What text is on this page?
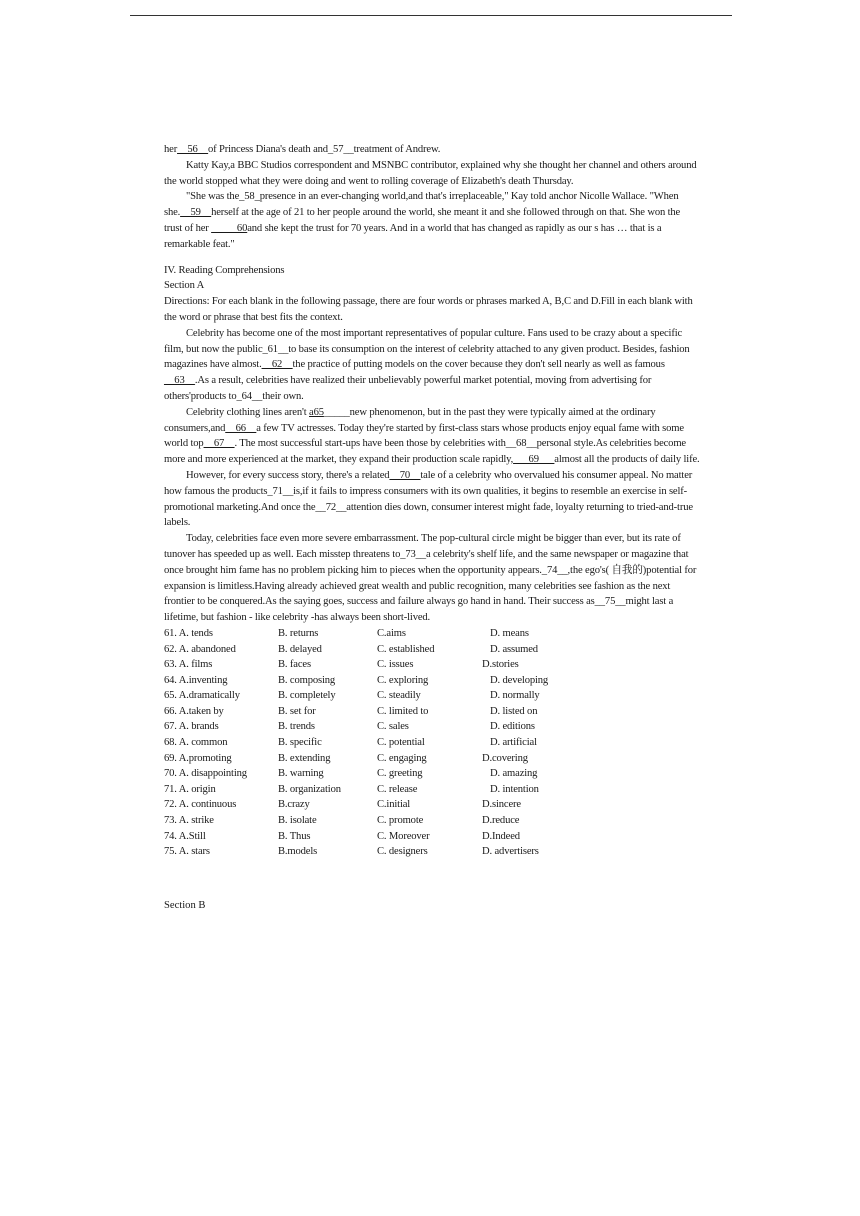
her__56__of Princess Diana's death and_57__treatment of Andrew.

Katty Kay,a BBC Studios correspondent and MSNBC contributor, explained why she thought her channel and others around the world stopped what they were doing and went to rolling coverage of Elizabeth's death Thursday.

"She was the_58_presence in an ever-changing world,and that's irreplaceable," Kay told anchor Nicolle Wallace. "When she.__59__herself at the age of 21 to her people around the world, she meant it and she followed through on that. She won the trust of her _____60and she kept the trust for 70 years. And in a world that has changed as rapidly as our s has … that is a remarkable feat."

IV. Reading Comprehensions

Section A

Directions: For each blank in the following passage, there are four words or phrases marked A, B,C and D.Fill in each blank with the word or phrase that best fits the context.

Celebrity has become one of the most important representatives of popular culture. Fans used to be crazy about a specific film, but now the public_61__to base its consumption on the interest of celebrity attached to any given product. Besides, fashion magazines have almost.__62__the practice of putting models on the cover because they don't sell nearly as well as famous __63__.As a result, celebrities have realized their unbelievably powerful market potential, moving from advertising for others'products to_64__their own.

Celebrity clothing lines aren't a65_____new phenomenon, but in the past they were typically aimed at the ordinary consumers,and__66__a few TV actresses. Today they're started by first-class stars whose products enjoy equal fame with some world top__67__. The most successful start-ups have been those by celebrities with__68__personal style.As celebrities become more and more experienced at the market, they expand their production scale rapidly,___69___almost all the products of daily life.

However, for every success story, there's a related__70__tale of a celebrity who overvalued his consumer appeal. No matter how famous the products_71__is,if it fails to impress consumers with its own qualities, it begins to resemble an exercise in self-promotional marketing.And once the__72__attention dies down, consumer interest might fade, loyalty returning to tried-and-true labels.

Today, celebrities face even more severe embarrassment. The pop-cultural circle might be bigger than ever, but its rate of tunover has speeded up as well. Each misstep threatens to_73__a celebrity's shelf life, and the same newspaper or magazine that once brought him fame has no problem picking him to pieces when the opportunity appears._74__,the ego's( 自我的)potential for expansion is limitless.Having already achieved great wealth and public recognition, many celebrities see fashion as the next frontier to be conquered.As the saying goes, success and failure always go hand in hand. Their success as__75__might last a lifetime, but fashion - like celebrity -has always been short-lived.

61. A. tends	B. returns	C.aims	D. means
62. A. abandoned	B. delayed	C. established	D. assumed
63. A. films	B. faces	C. issues	D.stories
64. A.inventing	B. composing	C. exploring	D. developing
65. A.dramatically	B. completely	C. steadily	D. normally
66. A.taken by	B. set for	C. limited to	D. listed on
67. A. brands	B. trends	C. sales	D. editions
68. A. common	B. specific	C. potential	D. artificial
69. A.promoting	B. extending	C. engaging	D.covering
70. A. disappointing	B. warning	C. greeting	D. amazing
71. A. origin	B. organization	C. release	D. intention
72. A. continuous	B.crazy	C.initial	D.sincere
73. A. strike	B. isolate	C. promote	D.reduce
74. A.Still	B. Thus	C. Moreover	D.Indeed
75. A. stars	B.models	C. designers	D. advertisers
Section B
